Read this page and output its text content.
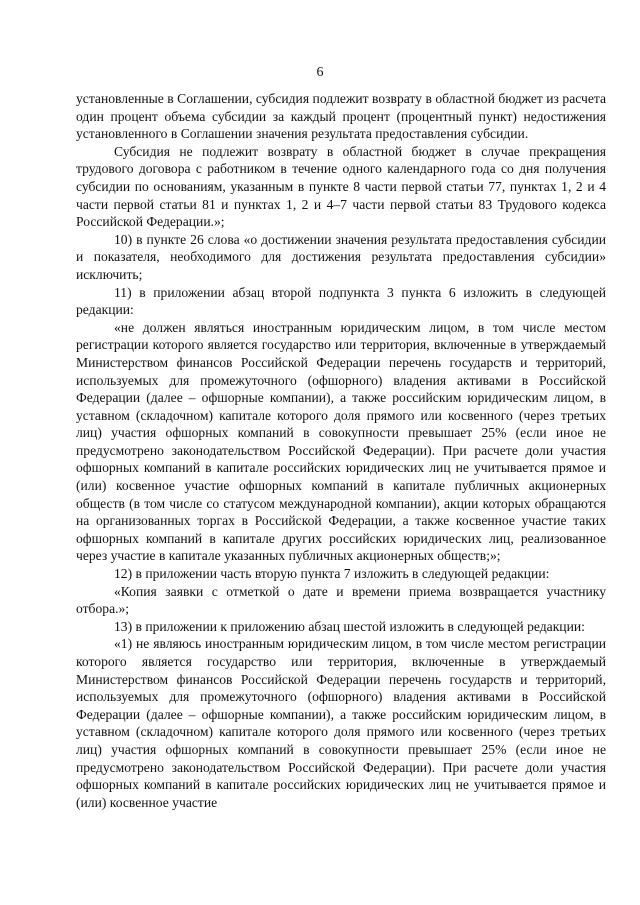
6

установленные в Соглашении, субсидия подлежит возврату в областной бюджет из расчета один процент объема субсидии за каждый процент (процентный пункт) недостижения установленного в Соглашении значения результата предоставления субсидии.

Субсидия не подлежит возврату в областной бюджет в случае прекращения трудового договора с работником в течение одного календарного года со дня получения субсидии по основаниям, указанным в пункте 8 части первой статьи 77, пунктах 1, 2 и 4 части первой статьи 81 и пунктах 1, 2 и 4–7 части первой статьи 83 Трудового кодекса Российской Федерации.»;

10) в пункте 26 слова «о достижении значения результата предоставления субсидии и показателя, необходимого для достижения результата предоставления субсидии» исключить;

11) в приложении абзац второй подпункта 3 пункта 6 изложить в следующей редакции:

«не должен являться иностранным юридическим лицом, в том числе местом регистрации которого является государство или территория, включенные в утверждаемый Министерством финансов Российской Федерации перечень государств и территорий, используемых для промежуточного (офшорного) владения активами в Российской Федерации (далее – офшорные компании), а также российским юридическим лицом, в уставном (складочном) капитале которого доля прямого или косвенного (через третьих лиц) участия офшорных компаний в совокупности превышает 25% (если иное не предусмотрено законодательством Российской Федерации). При расчете доли участия офшорных компаний в капитале российских юридических лиц не учитывается прямое и (или) косвенное участие офшорных компаний в капитале публичных акционерных обществ (в том числе со статусом международной компании), акции которых обращаются на организованных торгах в Российской Федерации, а также косвенное участие таких офшорных компаний в капитале других российских юридических лиц, реализованное через участие в капитале указанных публичных акционерных обществ;»;

12) в приложении часть вторую пункта 7 изложить в следующей редакции:

«Копия заявки с отметкой о дате и времени приема возвращается участнику отбора.»;

13) в приложении к приложению абзац шестой изложить в следующей редакции:

«1) не являюсь иностранным юридическим лицом, в том числе местом регистрации которого является государство или территория, включенные в утверждаемый Министерством финансов Российской Федерации перечень государств и территорий, используемых для промежуточного (офшорного) владения активами в Российской Федерации (далее – офшорные компании), а также российским юридическим лицом, в уставном (складочном) капитале которого доля прямого или косвенного (через третьих лиц) участия офшорных компаний в совокупности превышает 25% (если иное не предусмотрено законодательством Российской Федерации). При расчете доли участия офшорных компаний в капитале российских юридических лиц не учитывается прямое и (или) косвенное участие
